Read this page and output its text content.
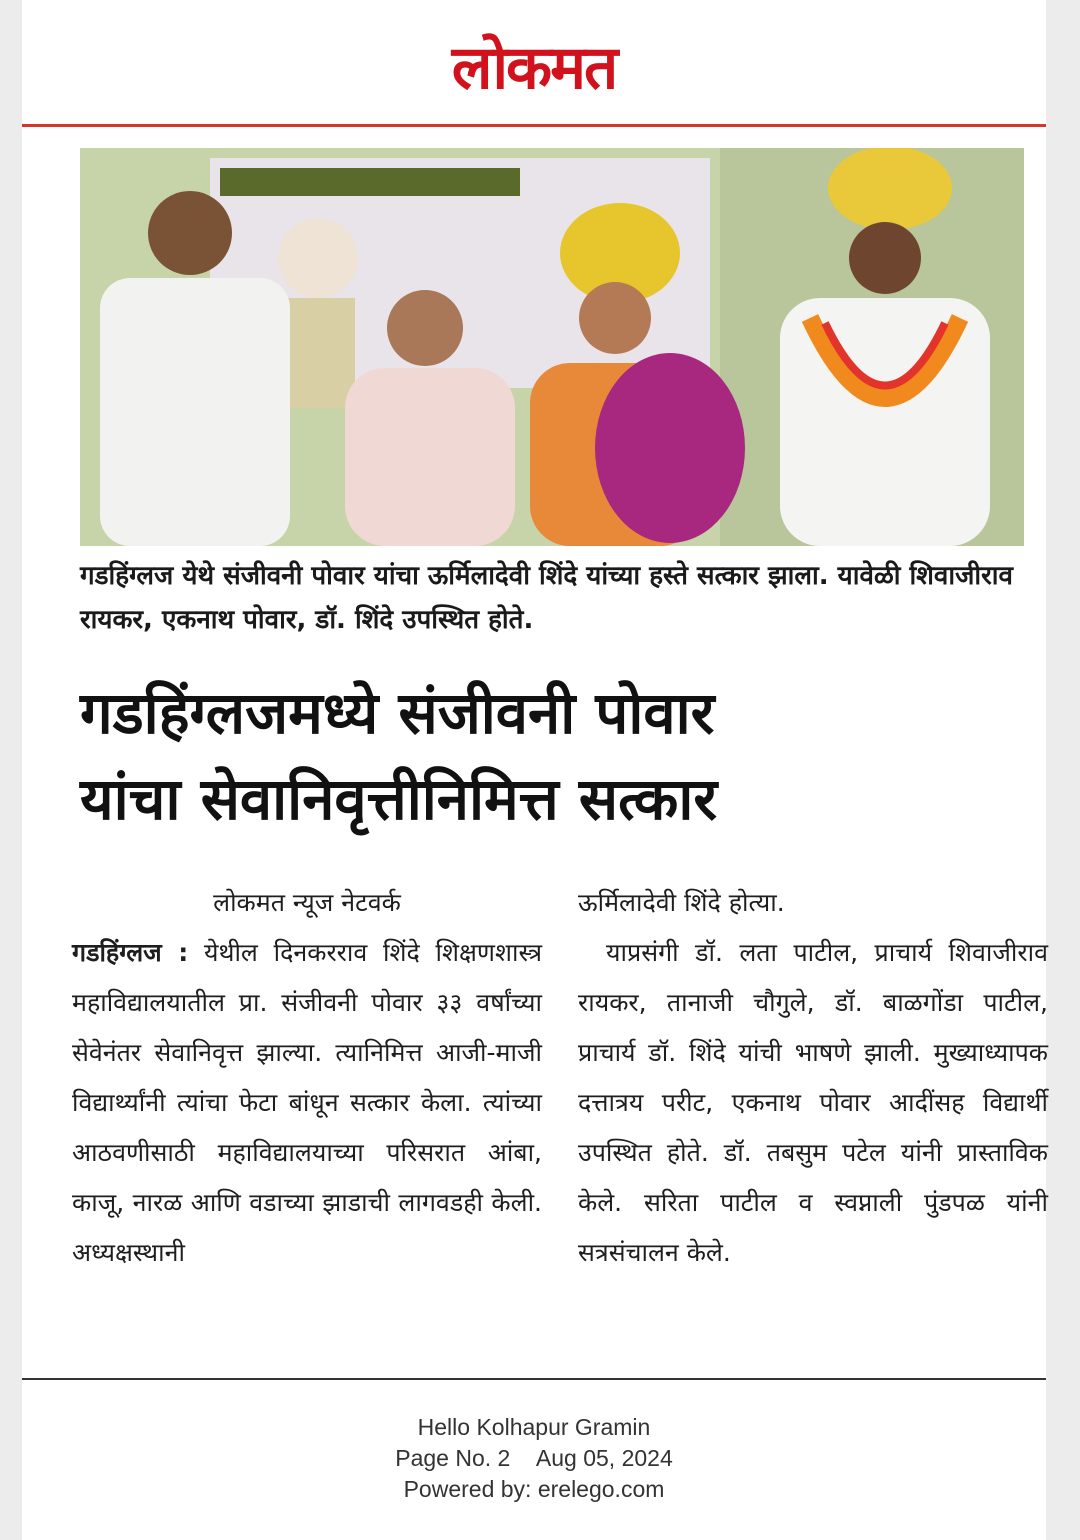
लोकमत
गडहिंग्लज येथे संजीवनी पोवार यांचा ऊर्मिलादेवी शिंदे यांच्या हस्ते सत्कार झाला. यावेळी शिवाजीराव रायकर, एकनाथ पोवार, डॉ. शिंदे उपस्थित होते.
गडहिंग्लजमध्ये संजीवनी पोवार
यांचा सेवानिवृत्तीनिमित्त सत्कार
लोकमत न्यूज नेटवर्क
गडहिंग्लज : येथील दिनकरराव शिंदे शिक्षणशास्त्र महाविद्यालयातील प्रा. संजीवनी पोवार ३३ वर्षांच्या सेवेनंतर सेवानिवृत्त झाल्या. त्यानिमित्त आजी-माजी विद्यार्थ्यांनी त्यांचा फेटा बांधून सत्कार केला. त्यांच्या आठवणीसाठी महाविद्यालयाच्या परिसरात आंबा, काजू, नारळ आणि वडाच्या झाडाची लागवडही केली. अध्यक्षस्थानी
ऊर्मिलादेवी शिंदे होत्या.
याप्रसंगी डॉ. लता पाटील, प्राचार्य शिवाजीराव रायकर, तानाजी चौगुले, डॉ. बाळगोंडा पाटील, प्राचार्य डॉ. शिंदे यांची भाषणे झाली. मुख्याध्यापक दत्तात्रय परीट, एकनाथ पोवार आदींसह विद्यार्थी उपस्थित होते. डॉ. तबसुम पटेल यांनी प्रास्ताविक केले. सरिता पाटील व स्वप्नाली पुंडपळ यांनी सत्रसंचालन केले.
Hello Kolhapur Gramin
Page No. 2 Aug 05, 2024
Powered by: erelego.com
